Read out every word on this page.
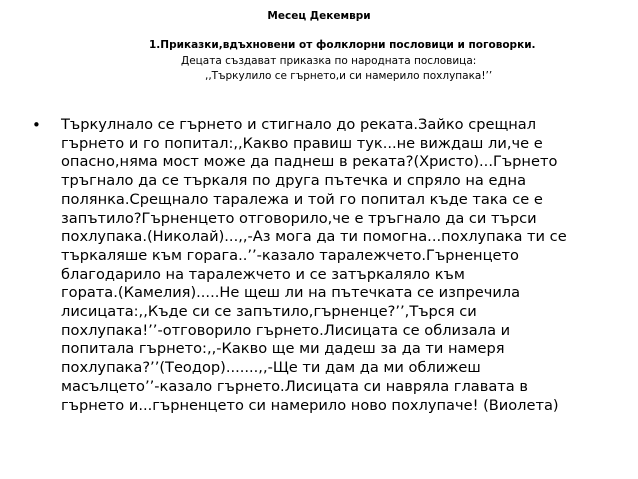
Месец Декември
1.Приказки,вдъхновени от фолклорни пословици и поговорки.
Децата създават приказка по народната пословица:
,,Търкулило се гърнето,и си намерило похлупака!’’
• Търкулнало се гърнето и стигнало до реката.Зайко срещнал
гърнето и го попитал:,,Какво правиш тук...не виждаш ли,че е
опасно,няма мост може да паднеш в реката?(Христо)...Гърнето
тръгнало да се търкаля по друга пътечка и спряло на една
полянка.Срещнало таралежа и той го попитал къде така се е
запътило?Гърненцето отговорило,че е тръгнало да си търси
похлупака.(Николай)...,,-Аз мога да ти помогна...похлупака ти се
търкаляше към горага..’’-казало таралежчето.Гърненцето
благодарило на таралежчето и се затъркаляло към
гората.(Камелия).....Не щеш ли на пътечката се изпречила
лисицата:,,Къде си се запътило,гърненце?’’,Търся си
похлупака!’’-отговорило гърнето.Лисицата се облизала и
попитала гърнето:,,-Какво ще ми дадеш за да ти намеря
похлупака?’’(Теодор).......,,-Ще ти дам да ми оближеш
масълцето’’-казало гърнето.Лисицата си навряла главата в
гърнето и...гърненцето си намерило ново похлупаче! (Виолета)
